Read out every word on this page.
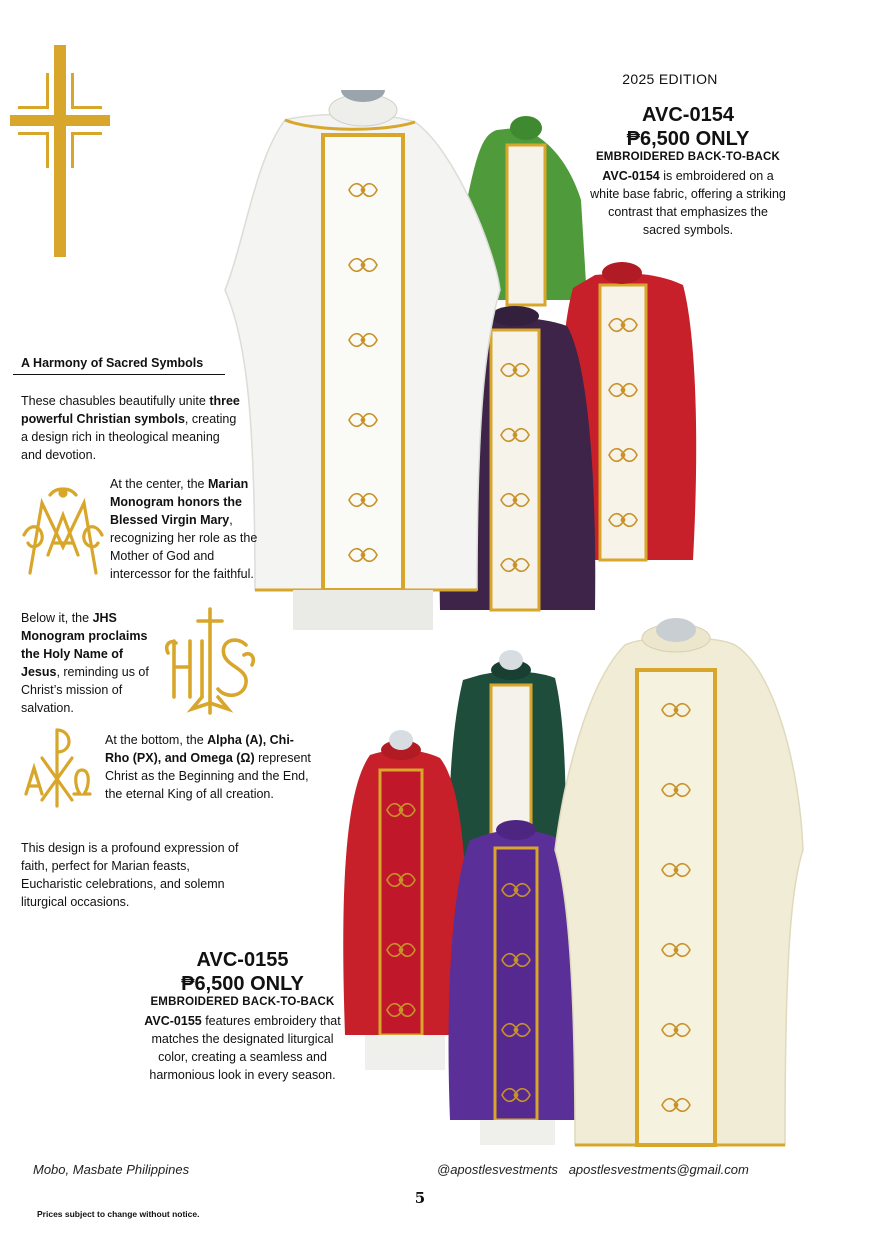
2025 EDITION
AVC-0154
₱6,500 ONLY
EMBROIDERED BACK-TO-BACK
AVC-0154 is embroidered on a white base fabric, offering a striking contrast that emphasizes the sacred symbols.
A Harmony of Sacred Symbols
These chasubles beautifully unite three powerful Christian symbols, creating a design rich in theological meaning and devotion.
At the center, the Marian Monogram honors the Blessed Virgin Mary, recognizing her role as the Mother of God and intercessor for the faithful.
Below it, the JHS Monogram proclaims the Holy Name of Jesus, reminding us of Christ’s mission of salvation.
At the bottom, the Alpha (A), Chi-Rho (PX), and Omega (Ω) represent Christ as the Beginning and the End, the eternal King of all creation.
This design is a profound expression of faith, perfect for Marian feasts, Eucharistic celebrations, and solemn liturgical occasions.
AVC-0155
₱6,500 ONLY
EMBROIDERED BACK-TO-BACK
AVC-0155 features embroidery that matches the designated liturgical color, creating a seamless and harmonious look in every season.
Mobo, Masbate Philippines	@apostlesvestments   apostlesvestments@gmail.com
5
Prices subject to change without notice.
